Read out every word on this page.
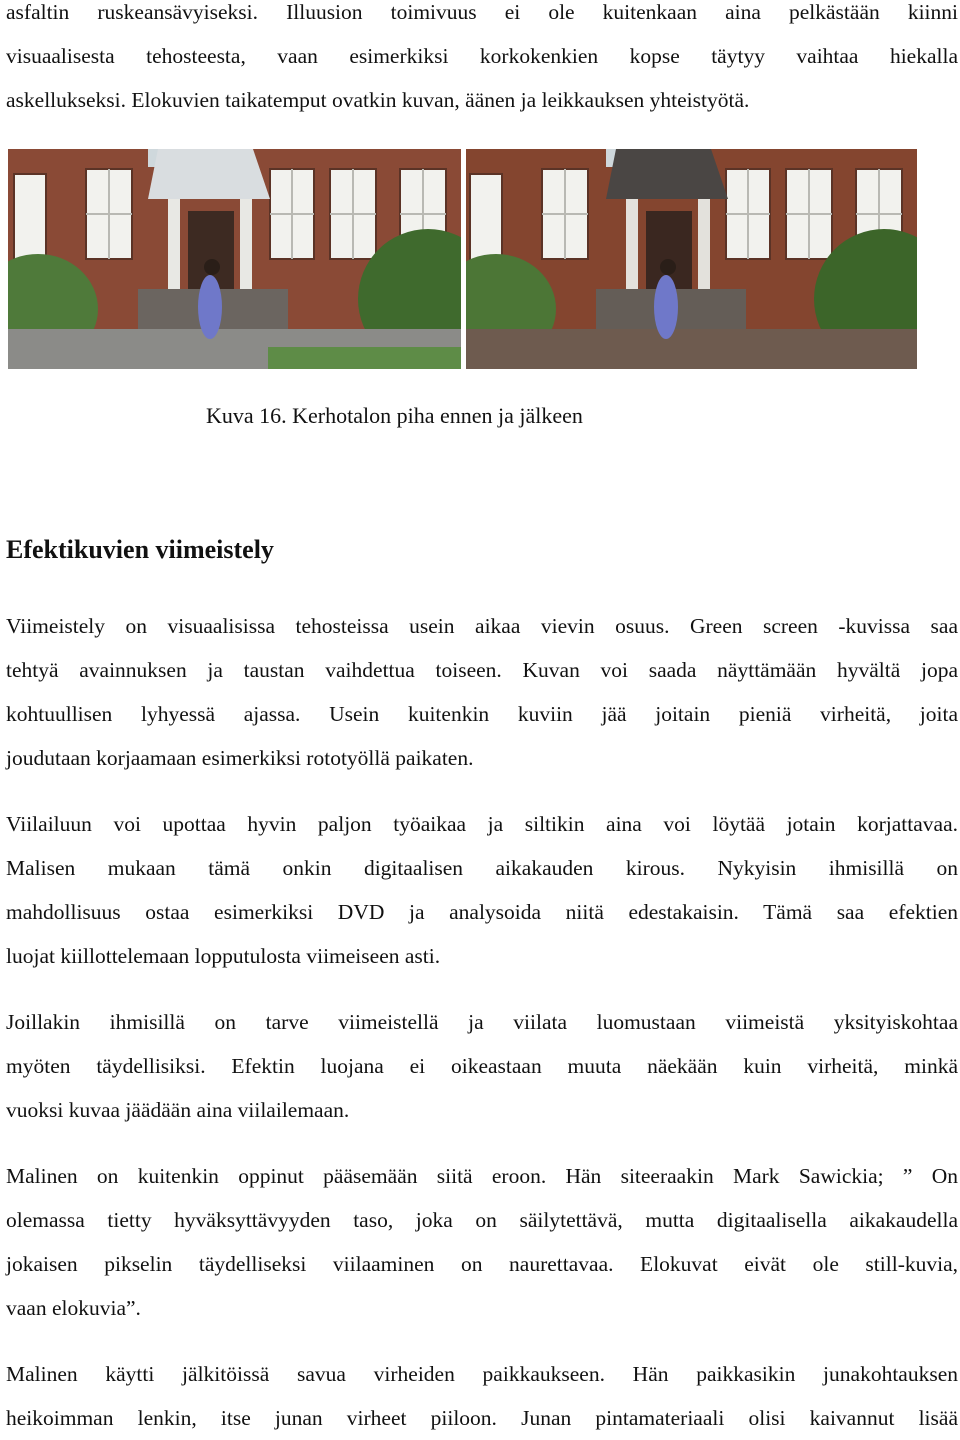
asfaltin ruskeansävyiseksi. Illuusion toimivuus ei ole kuitenkaan aina pelkästään kiinni
visuaalisesta tehosteesta, vaan esimerkiksi korkokenkien kopse täytyy vaihtaa hiekalla
askellukseksi. Elokuvien taikatemput ovatkin kuvan, äänen ja leikkauksen yhteistyötä.

Kuva 16. Kerhotalon piha ennen ja jälkeen

Efektikuvien viimeistely
Viimeistely on visuaalisissa tehosteissa usein aikaa vievin osuus. Green screen -kuvissa saa
tehtyä avainnuksen ja taustan vaihdettua toiseen. Kuvan voi saada näyttämään hyvältä jopa
kohtuullisen lyhyessä ajassa. Usein kuitenkin kuviin jää joitain pieniä virheitä, joita
joudutaan korjaamaan esimerkiksi rototyöllä paikaten.
Viilailuun voi upottaa hyvin paljon työaikaa ja siltikin aina voi löytää jotain korjattavaa.
Malisen mukaan tämä onkin digitaalisen aikakauden kirous. Nykyisin ihmisillä on
mahdollisuus ostaa esimerkiksi DVD ja analysoida niitä edestakaisin. Tämä saa efektien
luojat kiillottelemaan lopputulosta viimeiseen asti.
Joillakin ihmisillä on tarve viimeistellä ja viilata luomustaan viimeistä yksityiskohtaa
myöten täydellisiksi. Efektin luojana ei oikeastaan muuta näekään kuin virheitä, minkä
vuoksi kuvaa jäädään aina viilailemaan.
Malinen on kuitenkin oppinut pääsemään siitä eroon. Hän siteeraakin Mark Sawickia; ” On
olemassa tietty hyväksyttävyyden taso, joka on säilytettävä, mutta digitaalisella aikakaudella
jokaisen pikselin täydelliseksi viilaaminen on naurettavaa. Elokuvat eivät ole still-kuvia,
vaan elokuvia”.
Malinen käytti jälkitöissä savua virheiden paikkaukseen. Hän paikkasikin junakohtauksen
heikoimman lenkin, itse junan virheet piiloon. Junan pintamateriaali olisi kaivannut lisää
